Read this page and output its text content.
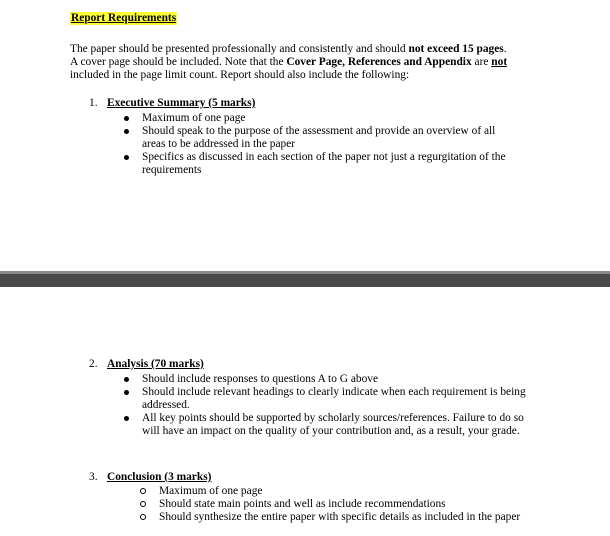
Report Requirements

The paper should be presented professionally and consistently and should not exceed 15 pages.

A cover page should be included. Note that the Cover Page, References and Appendix are not

included in the page limit count. Report should also include the following:

1. Executive Summary (5 marks)
Maximum of one page
Should speak to the purpose of the assessment and provide an overview of all areas to be addressed in the paper
Specifics as discussed in each section of the paper not just a regurgitation of the requirements
2. Analysis (70 marks)
Should include responses to questions A to G above
Should include relevant headings to clearly indicate when each requirement is being addressed.
All key points should be supported by scholarly sources/references. Failure to do so will have an impact on the quality of your contribution and, as a result, your grade.
3. Conclusion (3 marks)
Maximum of one page
Should state main points and well as include recommendations
Should synthesize the entire paper with specific details as included in the paper
